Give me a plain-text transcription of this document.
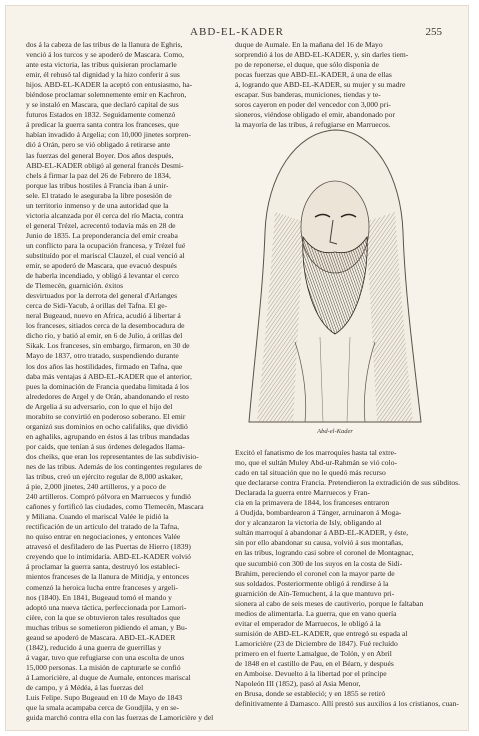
ABD-EL-KADER	255
dos á la cabeza de las tribus de la llanura de Eghris,
venció á los turcos y se apoderó de Mascara. Como,
ante esta victoria, las tribus quisieran proclamarle
emir, él rehusó tal dignidad y la hizo conferir á sus
hijos. ABD-EL-KADER la aceptó con entusiasmo, ha-
biéndose proclamar solemnemente emir en Kachron,
y se instaló en Mascara, que declaró capital de sus
futuros Estados en 1832. Seguidamente comenzó
á predicar la guerra santa contra los franceses, que
habían invadido á Argelia; con 10,000 jinetes sorpren-
dió á Orán, pero se vió obligado á retirarse ante
las fuerzas del general Boyer. Dos años después,
ABD-EL-KADER obligó al general francés Desmi-
chels á firmar la paz del 26 de Febrero de 1834,
porque las tribus hostiles á Francia iban á unir-
sele. El tratado le aseguraba la libre posesión de
un territorio inmenso y de una autoridad que la
victoria alcanzada por él cerca del río Macta, contra
el general Trézel, acrecentó todavía más en 28 de
Junio de 1835. La preponderancia del emir creaba
un conflicto para la ocupación francesa, y Trézel fué
substituído por el mariscal Clauzel, el cual venció al
emir, se apoderó de Mascara, que evacuó después
de haberla incendiado, y obligó á levantar el cerco
de Tlemecén, guarnición. éxitos
desvirtuados por la derrota del general d'Arlanges
cerca de Sidi-Yacub, á orillas del Tafna. El ge-
neral Bugeaud, nuevo en Africa, acudió á libertar á
los franceses, sitiados cerca de la desembocadura de
dicho río, y batió al emir, en 6 de Julio, á orillas del
Sikak. Los franceses, sin embargo, firmaron, en 30 de
Mayo de 1837, otro tratado, suspendiendo durante
los dos años las hostilidades, firmado en Tafna, que
daba más ventajas á ABD-EL-KADER que el anterior,
pues la dominación de Francia quedaba limitada á los
alrededores de Argel y de Orán, abandonando el resto
de Argelia á su adversario, con lo que el hijo del
morabito se convirtió en poderoso soberano. El emir
organizó sus dominios en ocho califaliks, que dividió
en aghaliks, agrupando en éstos á las tribus mandadas
por caids, que tenían á sus órdenes delegados llama-
dos cheiks, que eran los representantes de las subdivisio-
nes de las tribus. Además de los contingentes regulares de
las tribus, creó un ejército regular de 8,000 askaker,
á pie, 2,000 jinetes, 240 artilleros, y a poco de
240 artilleros. Compró pólvora en Marruecos y fundió
cañones y fortificó las ciudades, como Tlemecén, Mascara
y Miliana. Cuando el mariscal Valée le pidió la
rectificación de un artículo del tratado de la Tafna,
no quiso entrar en negociaciones, y entonces Valée
atravesó el desfiladero de las Puertas de Hierro (1839)
creyendo que lo intimidaría. ABD-EL-KADER volvió
á proclamar la guerra santa, destruyó los estableci-
mientos franceses de la llanura de Mitidja, y entonces
comenzó la heroica lucha entre franceses y argeli-
nos (1840). En 1841, Bugeaud tomó el mando y
adoptó una nueva táctica, perfeccionada por Lamori-
cière, con la que se obtuvieron tales resultados que
muchas tribus se sometieron pidiendo el aman, y Bu-
geaud se apoderó de Mascara. ABD-EL-KADER
(1842), reducido á una guerra de guerrillas y
á vagar, tuvo que refugiarse con una escolta de unos
15,000 personas. La misión de capturarle se confió
á Lamoricière, al duque de Aumale, entonces mariscal
de campo, y á Médéa, á las fuerzas del
Luis Felipe. Supo Bugeaud en 10 de Mayo de 1843
que la smala acampaba cerca de Goudjila, y en se-
guida marchó contra ella con las fuerzas de Lamoricière y del
duque de Aumale. En la mañana del 16 de Mayo
sorprendió á los de ABD-EL-KADER, y, sin darles tiem-
po de reponerse, el duque, que sólo disponía de
pocas fuerzas que ABD-EL-KADER, á una de ellas
á, logrando que ABD-EL-KADER, su mujer y su madre
escapar. Sus banderas, municiones, tiendas y te-
soros cayeron en poder del vencedor con 3,000 pri-
sioneros, viéndose obligado el emir, abandonado por
la mayoría de las tribus, á refugiarse en Marruecos.
Abd-el-Kader
Excitó el fanatismo de los marroquíes hasta tal extre-
mo, que el sultán Muley Abd-ur-Rahmán se vió colo-
cado en tal situación que no le quedó más recurso
que declararse contra Francia. Pretendieron la extradición de sus súbditos.
Declarada la guerra entre Marruecos y Fran-
cia en la primavera de 1844, los franceses entraron
á Oudjda, bombardearon á Tánger, arruinaron á Moga-
dor y alcanzaron la victoria de Isly, obligando al
sultán marroquí á abandonar á ABD-EL-KADER, y éste,
sin por ello abandonar su causa, volvió á sus montañas,
en las tribus, logrando casi sobre el coronel de Montagnac,
que sucumbió con 300 de los suyos en la costa de Sidi-
Brahim, pereciendo el coronel con la mayor parte de
sus soldados. Posteriormente obligó á rendirse á la
guarnición de Aïn-Temuchent, á la que mantuvo pri-
sionera al cabo de seis meses de cautiverio, porque le faltaban
medios de alimentarla. La guerra, que en vano quería
evitar el emperador de Marruecos, le obligó á la
sumisión de ABD-EL-KADER, que entregó su espada al
Lamoricière (23 de Diciembre de 1847). Fué recluído
primero en el fuerte Lamalgue, de Tolón, y en Abril
de 1848 en el castillo de Pau, en el Béarn, y después
en Amboise. Devuelto á la libertad por el príncipe
Napoleón III (1852), pasó al Asia Menor,
en Brusa, donde se estableció; y en 1855 se retiró
definitivamente á Damasco. Allí prestó sus auxilios á los cristianos, cuan-
